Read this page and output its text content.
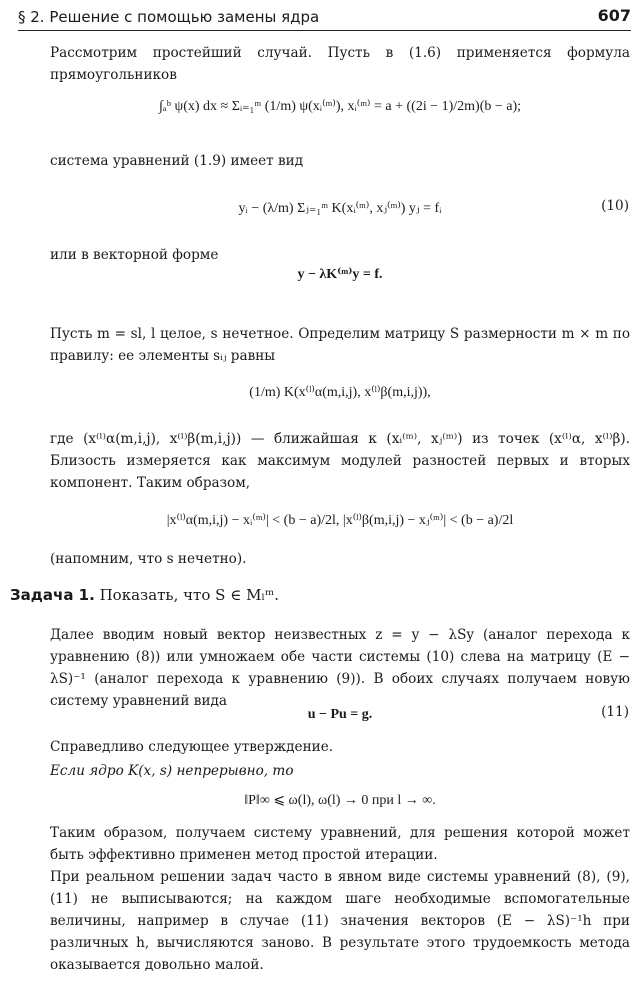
§ 2. Решение с помощью замены ядра	607
Рассмотрим простейший случай. Пусть в (1.6) применяется формула прямоугольников
∫ₐᵇ ψ(x) dx ≈ Σᵢ₌₁ᵐ (1/m) ψ(xᵢ⁽ᵐ⁾), xᵢ⁽ᵐ⁾ = a + ((2i − 1)/2m)(b − a);
система уравнений (1.9) имеет вид
yᵢ − (λ/m) Σⱼ₌₁ᵐ K(xᵢ⁽ᵐ⁾, xⱼ⁽ᵐ⁾) yⱼ = fᵢ	(10)
или в векторной форме
y − λK⁽ᵐ⁾y = f.
Пусть m = sl, l целое, s нечетное. Определим матрицу S размерности m × m по правилу: ее элементы sᵢⱼ равны
(1/m) K(x⁽ˡ⁾α(m,i,j), x⁽ˡ⁾β(m,i,j)),
где (x⁽ˡ⁾α(m,i,j), x⁽ˡ⁾β(m,i,j)) — ближайшая к (xᵢ⁽ᵐ⁾, xⱼ⁽ᵐ⁾) из точек (x⁽ˡ⁾α, x⁽ˡ⁾β). Близость измеряется как максимум модулей разностей первых и вторых компонент. Таким образом,
|x⁽ˡ⁾α(m,i,j) − xᵢ⁽ᵐ⁾| < (b − a)/2l, |x⁽ˡ⁾β(m,i,j) − xⱼ⁽ᵐ⁾| < (b − a)/2l
(напомним, что s нечетно).
Задача 1. Показать, что S ∈ Mₗᵐ.
Далее вводим новый вектор неизвестных z = y − λSy (аналог перехода к уравнению (8)) или умножаем обе части системы (10) слева на матрицу (E − λS)⁻¹ (аналог перехода к уравнению (9)). В обоих случаях получаем новую систему уравнений вида
u − Pu = g.	(11)
Справедливо следующее утверждение.
Если ядро K(x, s) непрерывно, то
‖P‖∞ ⩽ ω(l), ω(l) → 0 при l → ∞.
Таким образом, получаем систему уравнений, для решения которой может быть эффективно применен метод простой итерации.
При реальном решении задач часто в явном виде системы уравнений (8), (9), (11) не выписываются; на каждом шаге необходимые вспомогательные величины, например в случае (11) значения векторов (E − λS)⁻¹h при различных h, вычисляются заново. В результате этого трудоемкость метода оказывается довольно малой.
